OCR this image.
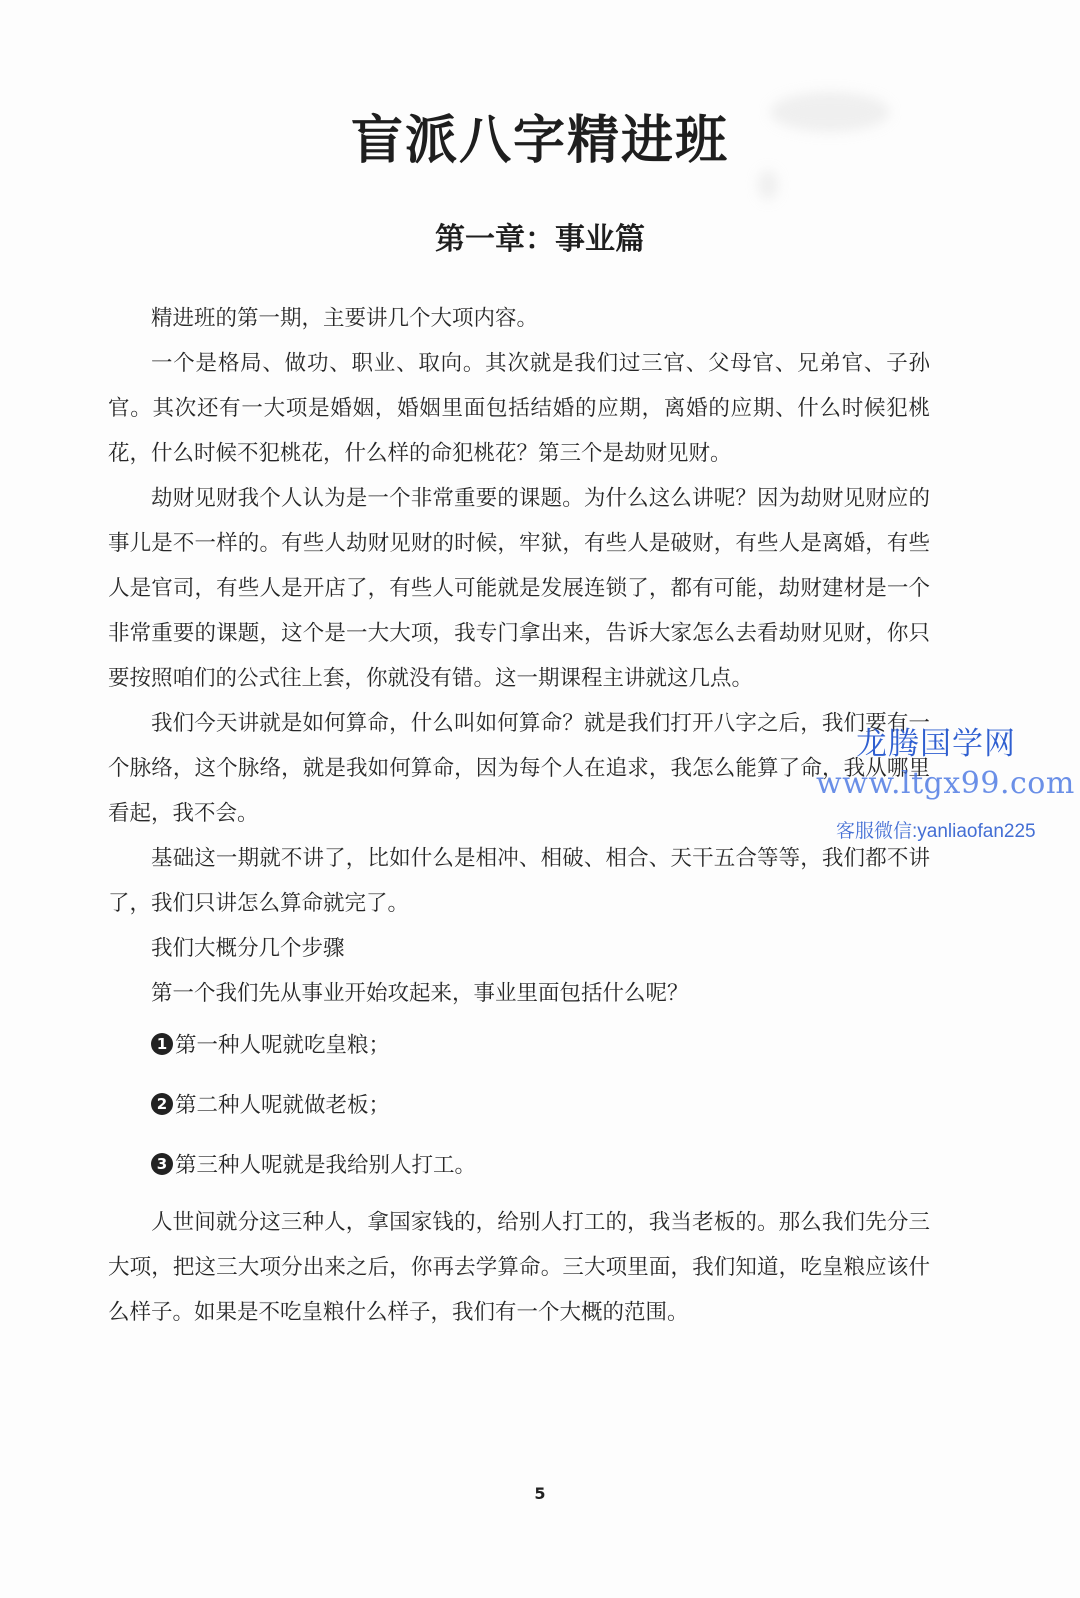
盲派八字精进班
第一章：事业篇

精进班的第一期，主要讲几个大项内容。

一个是格局、做功、职业、取向。其次就是我们过三官、父母官、兄弟官、子孙官。其次还有一大项是婚姻，婚姻里面包括结婚的应期，离婚的应期、什么时候犯桃花，什么时候不犯桃花，什么样的命犯桃花？第三个是劫财见财。

劫财见财我个人认为是一个非常重要的课题。为什么这么讲呢？因为劫财见财应的事儿是不一样的。有些人劫财见财的时候，牢狱，有些人是破财，有些人是离婚，有些人是官司，有些人是开店了，有些人可能就是发展连锁了，都有可能，劫财建材是一个非常重要的课题，这个是一大大项，我专门拿出来，告诉大家怎么去看劫财见财，你只要按照咱们的公式往上套，你就没有错。这一期课程主讲就这几点。

我们今天讲就是如何算命，什么叫如何算命？就是我们打开八字之后，我们要有一个脉络，这个脉络，就是我如何算命，因为每个人在追求，我怎么能算了命，我从哪里看起，我不会。

基础这一期就不讲了，比如什么是相冲、相破、相合、天干五合等等，我们都不讲了，我们只讲怎么算命就完了。

我们大概分几个步骤

第一个我们先从事业开始攻起来，事业里面包括什么呢？

1 第一种人呢就吃皇粮；
2 第二种人呢就做老板；
3 第三种人呢就是我给别人打工。

人世间就分这三种人，拿国家钱的，给别人打工的，我当老板的。那么我们先分三大项，把这三大项分出来之后，你再去学算命。三大项里面，我们知道，吃皇粮应该什么样子。如果是不吃皇粮什么样子，我们有一个大概的范围。

龙腾国学网
www.ltgx99.com
客服微信:yanliaofan225
5
